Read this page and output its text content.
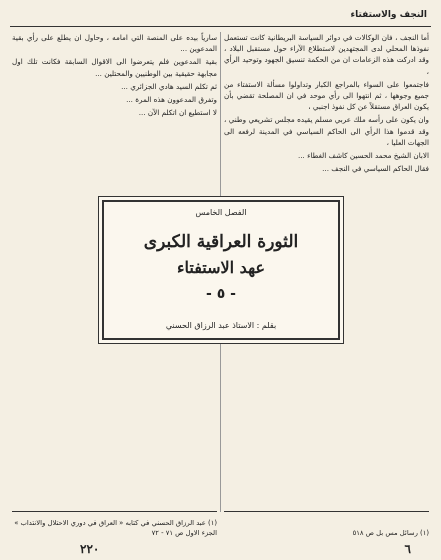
النجف والاستفتاء

أما النجف ، فان الوكالات في دوائر السياسة البريطانية كانت تستعمل نفوذها المحلي لدى المجتهدين لاستطلاع الآراء حول مستقبل البلاد ، وقد ادركت هذه الزعامات ان من الحكمة تنسيق الجهود وتوحيد الرأي ،

فاجتمعوا على السواء بالمراجع الكبار وتداولوا مسألة الاستفتاء من جميع وجوهها ، ثم انتهوا الى رأي موحد في ان المصلحة تقضي بأن يكون العراق مستقلاً عن كل نفوذ اجنبي ،

وان يكون على رأسه ملك عربي مسلم يقيده مجلس تشريعي وطني ، وقد قدموا هذا الرأي الى الحاكم السياسي في المدينة لرفعه الى الجهات العليا ،

الابان الشيخ محمد الحسين كاشف الغطاء ...

فقال الحاكم السياسي في النجف ...

سارياً بيده على المنصة التي امامه ، وحاول ان يطلع على رأي بقية المدعوين ...

بقية المدعوين فلم يتعرضوا الى الاقوال السابقة فكانت تلك اول مجابهة حقيقية بين الوطنيين والمحتلين ...

ثم تكلم السيد هادي الجزائري ...

وتفرق المدعوون هذه المرة ...

لا استطيع ان اتكلم الآن ...

الفصل الخامس
الثورة العراقية الكبرى
عهد الاستفتاء
- ٥ -
بقلم : الاستاذ عبد الرزاق الحسني
(١) عبد الرزاق الحسني في كتابه « العراق في دوري الاحتلال والانتداب » الجزء الاول ص ٧١ - ٧٢	(١) رسائل مس بل ص ٥١٨
٢٢٠	٦
